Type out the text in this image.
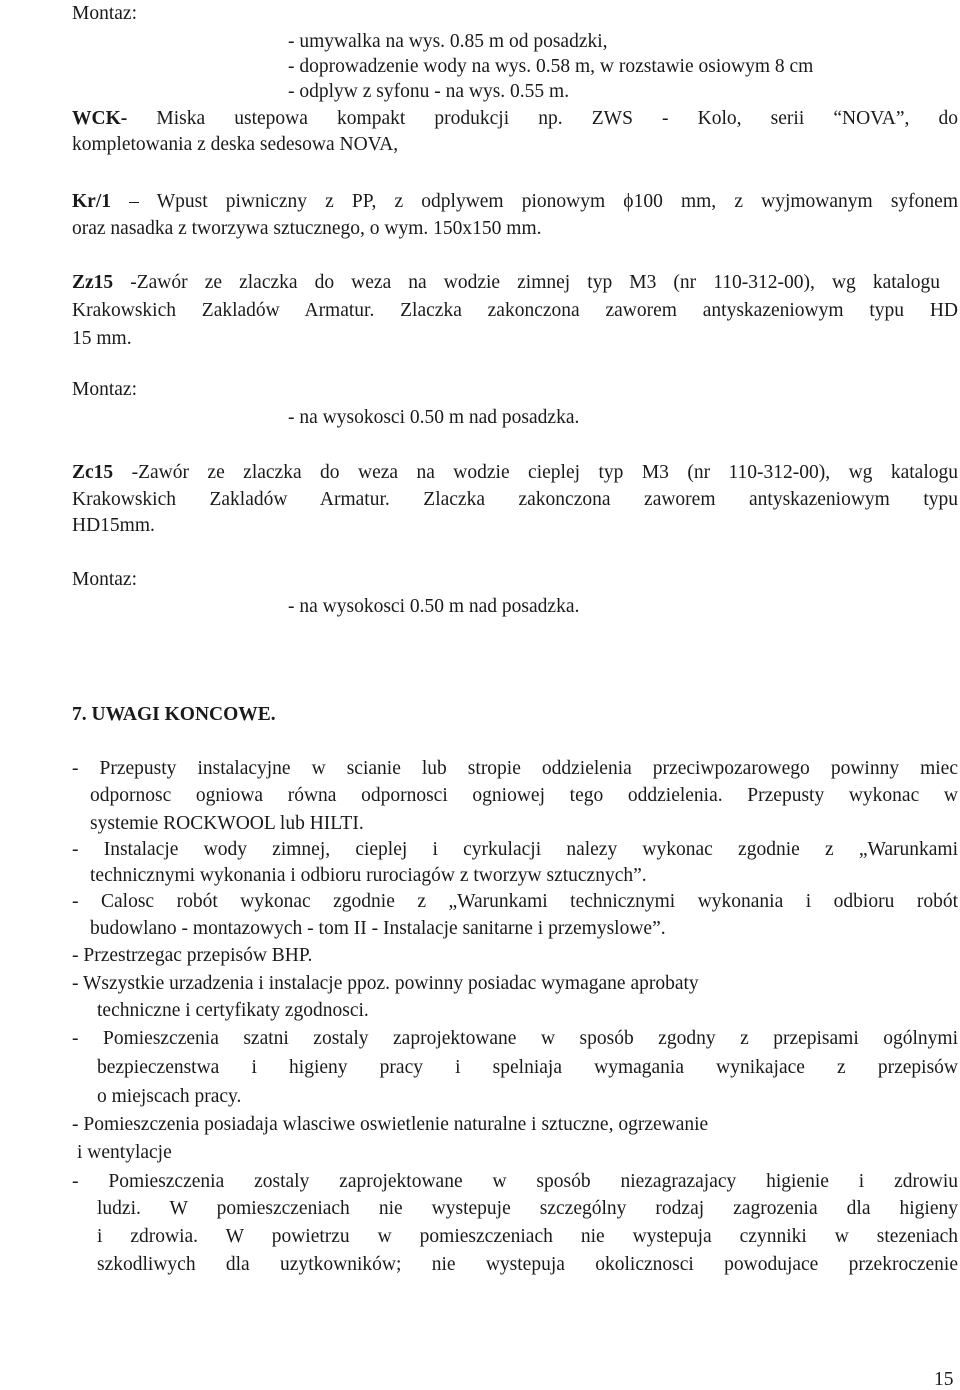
Montaz:
- umywalka na wys. 0.85 m od posadzki,
- doprowadzenie wody na wys. 0.58 m, w rozstawie osiowym 8 cm
- odplyw z syfonu - na wys. 0.55 m.
WCK- Miska ustepowa kompakt produkcji np. ZWS - Kolo, serii “NOVA”, do
kompletowania z deska sedesowa NOVA,
Kr/1 – Wpust piwniczny z PP, z odplywem pionowym ϕ100 mm, z wyjmowanym syfonem
oraz nasadka z tworzywa sztucznego, o wym. 150x150 mm.
Zz15 -Zawór ze zlaczka do weza na wodzie zimnej typ M3 (nr 110-312-00), wg katalogu
Krakowskich Zakladów Armatur. Zlaczka zakonczona zaworem antyskazeniowym typu HD
15 mm.
Montaz:
- na wysokosci 0.50 m nad posadzka.
Zc15 -Zawór ze zlaczka do weza na wodzie cieplej typ M3 (nr 110-312-00), wg katalogu
Krakowskich Zakladów Armatur. Zlaczka zakonczona zaworem antyskazeniowym typu
HD15mm.
Montaz:
- na wysokosci 0.50 m nad posadzka.
7. UWAGI KONCOWE.
- Przepusty instalacyjne w scianie lub stropie oddzielenia przeciwpozarowego powinny miec
odpornosc ogniowa równa odpornosci ogniowej tego oddzielenia. Przepusty wykonac w
systemie ROCKWOOL lub HILTI.
- Instalacje wody zimnej, cieplej i cyrkulacji nalezy wykonac zgodnie z „Warunkami
technicznymi wykonania i odbioru rurociagów z tworzyw sztucznych”.
- Calosc robót wykonac zgodnie z „Warunkami technicznymi wykonania i odbioru robót
budowlano - montazowych - tom II - Instalacje sanitarne i przemyslowe”.
- Przestrzegac przepisów BHP.
- Wszystkie urzadzenia i instalacje ppoz. powinny posiadac wymagane aprobaty
techniczne i certyfikaty zgodnosci.
- Pomieszczenia szatni zostaly zaprojektowane w sposób zgodny z przepisami ogólnymi
bezpieczenstwa i higieny pracy i spelniaja wymagania wynikajace z przepisów
o miejscach pracy.
- Pomieszczenia posiadaja wlasciwe oswietlenie naturalne i sztuczne, ogrzewanie
i wentylacje
- Pomieszczenia zostaly zaprojektowane w sposób niezagrazajacy higienie i zdrowiu
ludzi. W pomieszczeniach nie wystepuje szczególny rodzaj zagrozenia dla higieny
i zdrowia. W powietrzu w pomieszczeniach nie wystepuja czynniki w stezeniach
szkodliwych dla uzytkowników; nie wystepuja okolicznosci powodujace przekroczenie
15
